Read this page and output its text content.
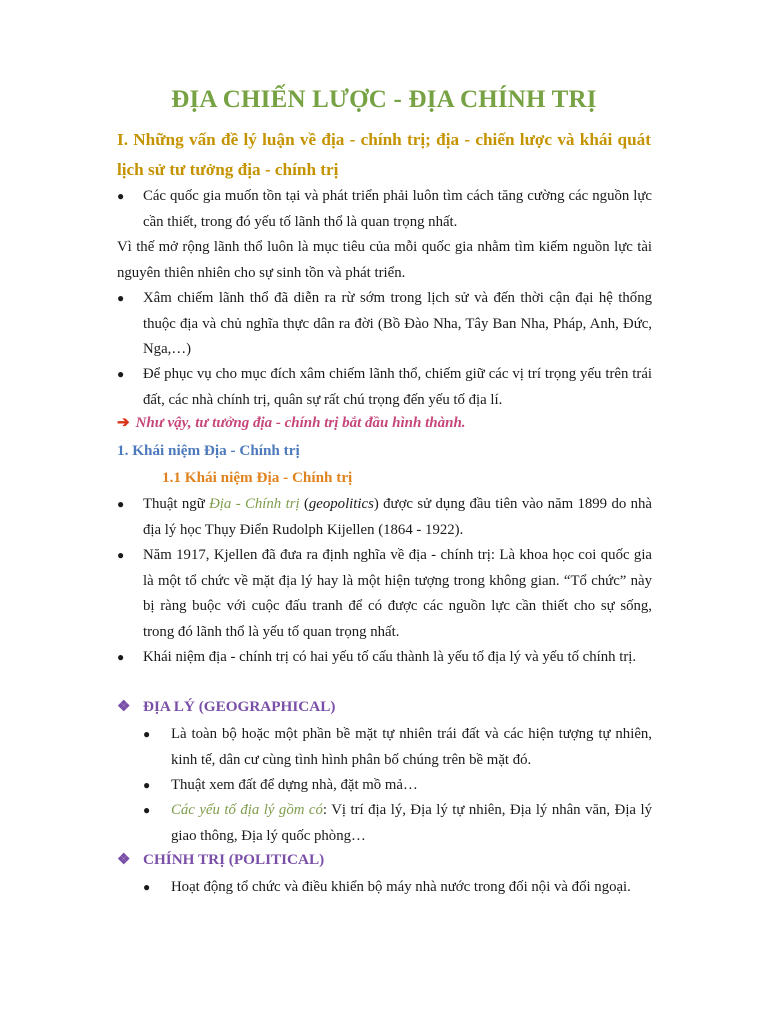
ĐỊA CHIẾN LƯỢC - ĐỊA CHÍNH TRỊ
I. Những vấn đề lý luận về địa - chính trị; địa - chiến lược và khái quát lịch sử tư tưởng địa - chính trị
● Các quốc gia muốn tồn tại và phát triển phải luôn tìm cách tăng cường các nguồn lực cần thiết, trong đó yếu tố lãnh thổ là quan trọng nhất.

Vì thế mở rộng lãnh thổ luôn là mục tiêu của mỗi quốc gia nhằm tìm kiếm nguồn lực tài nguyên thiên nhiên cho sự sinh tồn và phát triển.

● Xâm chiếm lãnh thổ đã diễn ra rừ sớm trong lịch sử và đến thời cận đại hệ thống thuộc địa và chủ nghĩa thực dân ra đời (Bồ Đào Nha, Tây Ban Nha, Pháp, Anh, Đức, Nga,…)

● Để phục vụ cho mục đích xâm chiếm lãnh thổ, chiếm giữ các vị trí trọng yếu trên trái đất, các nhà chính trị, quân sự rất chú trọng đến yếu tố địa lí.

➔ Như vậy, tư tưởng địa - chính trị bắt đầu hình thành.
1. Khái niệm Địa - Chính trị
1.1 Khái niệm Địa - Chính trị
● Thuật ngữ Địa - Chính trị (geopolitics) được sử dụng đầu tiên vào năm 1899 do nhà địa lý học Thụy Điển Rudolph Kijellen (1864 - 1922).

● Năm 1917, Kjellen đã đưa ra định nghĩa về địa - chính trị: Là khoa học coi quốc gia là một tổ chức về mặt địa lý hay là một hiện tượng trong không gian. “Tổ chức” này bị ràng buộc với cuộc đấu tranh để có được các nguồn lực cần thiết cho sự sống, trong đó lãnh thổ là yếu tố quan trọng nhất.

● Khái niệm địa - chính trị có hai yếu tố cấu thành là yếu tố địa lý và yếu tố chính trị.

❖ ĐỊA LÝ (GEOGRAPHICAL)
● Là toàn bộ hoặc một phần bề mặt tự nhiên trái đất và các hiện tượng tự nhiên, kinh tế, dân cư cùng tình hình phân bố chúng trên bề mặt đó.

● Thuật xem đất để dựng nhà, đặt mồ mả…

● Các yếu tố địa lý gồm có: Vị trí địa lý, Địa lý tự nhiên, Địa lý nhân văn, Địa lý giao thông, Địa lý quốc phòng…

❖ CHÍNH TRỊ (POLITICAL)
● Hoạt động tổ chức và điều khiển bộ máy nhà nước trong đối nội và đối ngoại.
